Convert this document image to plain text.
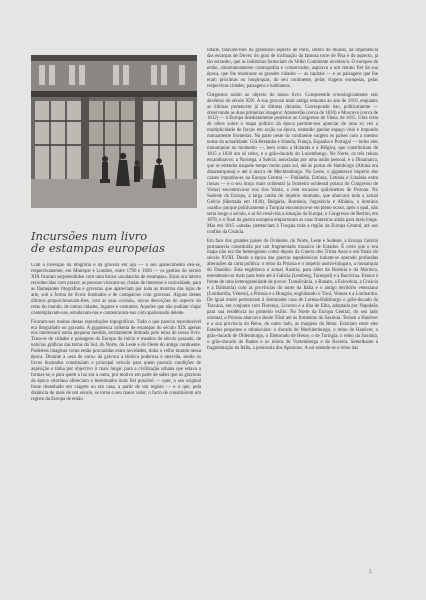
Incursões num livro
de estampas europeias

Com a invenção da litografia e da gravura em aço — o seu aparecimento deu-se, respectivamente, em Munique e Londres, entre 1796 e 1820 — os gentios do século XIX ficaram surpreendidos com uma bruxa «avalancha de estampas». Estas ora inteiro reconhecidas com prazer; as pessoas viravam-se, cheias de interesse e curiosidade, para as flamejantes litografias e gravuras que apareciam por toda as montras das lojas de arte, sob a forma de livros ilustrados e de cartapácios com gravuras. Alguns destes últimos proporcionavam-lhes, com as suas «vistas», novas descrições do aspecto do resto do mundo, de outras cidades, lugares e costumes. Aqueles que não podiam viajar contemplavam-nas, estudavam-nas e contentavam-nas com apaixonado deleite.

Ficaram-nos muitas destas reproduções topográficas. Tudo o que parecia reproduzível era litografado ou gravado. A gigantesca colheita de estampas do século XIX apenas nos interessará numa pequena medida, estritamente limitada pelo tema do nosso livro. Trata-se de cidades e paisagens da Europa do início e meados do século passado, de notícias gráficas das terras do Sul, do Norte, do Leste e do Oeste do antigo continente. Podemos imaginar como então procuradas eram novidades, tinha o velho mundo nessa época. Durante a «era de ouro» da gravura a técnica poderosa e atrevida, sendo os livros ilustrados constituíam o principal veículo para quem possuía condições de aquisição e tinha por objectivo ir mais longe: para a civilização urbana que estava a formar-se, e para quem a luz era a outra, por motivo em parte de saber que as gravuras da época vitoriana ofereciam o testemunho mais fiel possível — quer, o seu original fosse desenhado em viagem ou em casa, a partir de um registo — e o que, pela distância de mais de um século, se torna o seu maior valor, o facto de constituírem um registo da Europa de então.

lidade, falavam-lhes do grandioso aspecto de Paris, centro do mundo, da imponência das escarpas de Dover, do grau de inclinação da famosa torre de Pisa e do aspecto, já tão estranho, que as indústrias forneciam do Velho Continente novelesco. O europeu de então, simultaneamente cosmopolita e conservador, aspirava a um retrato fiel da sua época, que lhe mostrasse as grandes cidades — as capitais — e as paisagens que lhe eram próximas ou longínquas, do seu continente, pelas viagens europeias, pelas respectivas cidades, paisagens e habitantes.

Chegamos assim ao objecto do nosso livro. Compreende cronologicamente seis decénios do século XIX. A sua gravura mais antiga remonta ao ano de 1810, enquanto as últimas pertencem já às últimas décadas. Corresponde isto, politicamente — observando as duas primeiras imagens: Amsterdão (cerca de 1810) e Moscovo (cerca de 1812) — à Europa imediatamente posterior ao Congresso de Viena, de 1815. Uma vista de olhos sobre o mapa político da época permite-nos apreciar de uma só vez a multiplicidade de forças em acção na época, tentando ganhar espaço vital e impondo mutuamente fronteiras. Na parte oeste do continente surgem os países com o mesmo nome da actualidade: Grã-Bretanha e Irlanda, França, Espanha e Portugal — todos eles monarquias no momento —, bem como a Holanda e a Bélgica, que constituíram de 1815 a 1830 um só reino, e o grão-ducado do Luxemburgo. No Norte, os três reinos escandinavos: a Noruega, a Suécia, associadas por uma união pessoal, e a Dinamarca, que se estendia naquele tempo muito para sul, até às portas de Hamburgo (Altona era dinamarquesa) e até à marca de Mecklenburgo. No Leste, o gigantesco império dos czares impunha-se na Europa Central — Finlândia, Estónia, Letónia e Lituânia eram russas — e o seu braço mais ocidental (a fronteira ocidental polaca do Congresso de Viena) encontrava-se nos rios Warta, a cem escassos quilómetros de Poznan. No Sudeste da Europa, a larga cunha do império otomano, que abarcava toda a actual Grécia (libertada em 1830), Bulgária, Roménia, Jugoslávia e Albânia, o domínio «saído» porque politicamente a Turquia encontrava-se em pleno ocaso, após o qual, não seria longo o século, e ai foi resolvida a situação da Europa; o Congresso de Berlim, em 1878, e o final da guerra europeia empurraram as suas fronteiras ainda para mais longe. Mas em 1815 «ainda» pertenciam à Turquia toda a região da Europa Central, até aos confins da Croácia.

Em face dos grandes países do Ocidente, do Norte, Leste e Sudeste, a Europa Central permanecia constituída por um fragmentado mosaico de Estados. É certo que o seu mapa não era tão heterogéneo como depois da Guerra dos Trinta Anos e em finais do século XVIII. Desde a época das guerras napoleónicas tinham-se operado profundas alterações da carta política: o reino da Prússia e o império austro-húngaro, a monarquia do Danúbio. Esta englobava a actual Áustria, para além da Boémia e da Morávia, estendendo-se mais para leste até à Galícia (Lemberg, Tarnopol) e à Bucóvina. Estava à frente de uma heterogeneidade de povos: Transilvânia, o Banato, a Eslovénia, a Croácia e a Dalmácia) com as províncias do norte da Itália e o antigo território veneziano (Lombardia, Véneto), a Prússia e a Hungria, englobando o Tirol, Veneza e a Lombardia. De igual modo pertenciam à dominante casa de Lorena-Habsburgo o grão-ducado da Toscana, em conjunto com Florença, Livorno e a ilha de Elba, adoptada por Napoleão para sua residência no primeiro exílio. No Norte da Europa Central, do seu lado oriental, a Prússia abarcava desde Tilsit até às fronteiras da Saxónia. Teriam a Hanôver e a sua província do Reno, do outro lado, as margens do Reno. Existiam entre eles Estados pequenos e minúsculos: o ducado de Mecklemburgo, o reino de Hanôver, o grão-ducado de Oldemburgo, o Eleitorado de Hesse, o de Turíngia, o reino da Saxónia, o grão-ducado de Baden e os reinos de Vurtemberga e da Baviera. Semelhante à fragmentação da Itália, a península dos Apeninos. A sul estende-se o reino das

5
